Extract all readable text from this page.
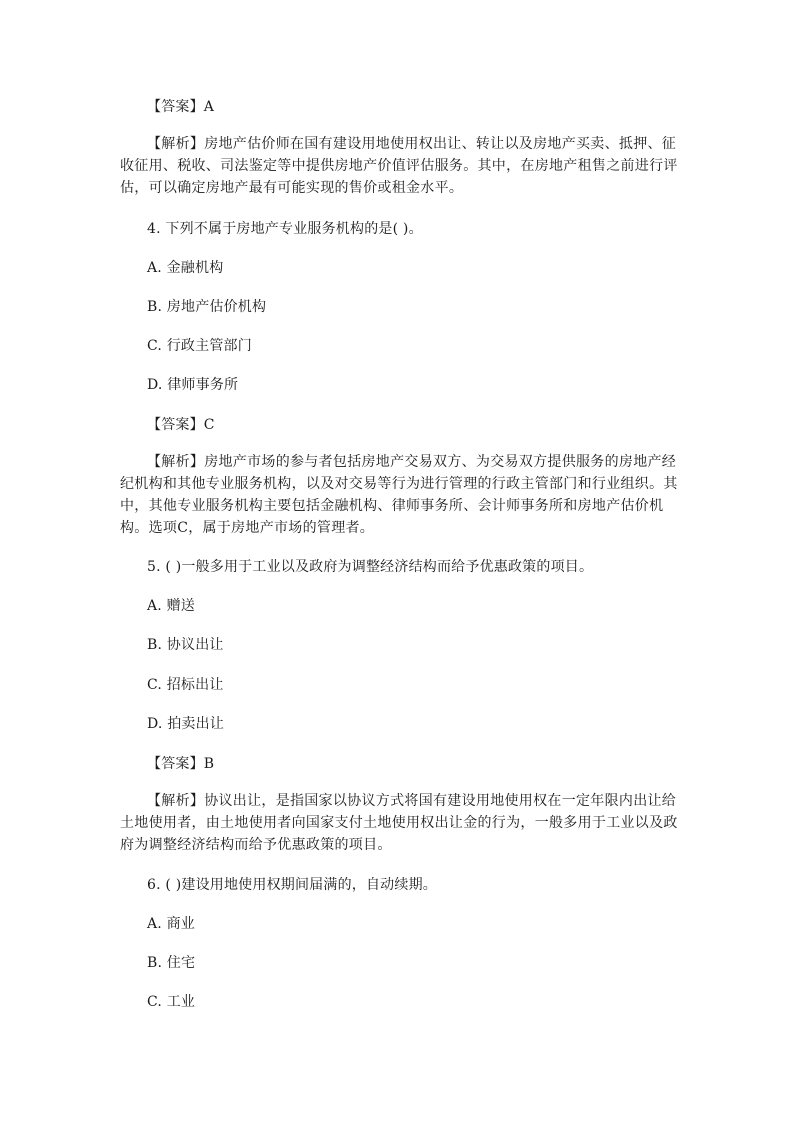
【答案】A
【解析】房地产估价师在国有建设用地使用权出让、转让以及房地产买卖、抵押、征收征用、税收、司法鉴定等中提供房地产价值评估服务。其中，在房地产租售之前进行评估，可以确定房地产最有可能实现的售价或租金水平。
4. 下列不属于房地产专业服务机构的是( )。
A. 金融机构
B. 房地产估价机构
C. 行政主管部门
D. 律师事务所
【答案】C
【解析】房地产市场的参与者包括房地产交易双方、为交易双方提供服务的房地产经纪机构和其他专业服务机构，以及对交易等行为进行管理的行政主管部门和行业组织。其中，其他专业服务机构主要包括金融机构、律师事务所、会计师事务所和房地产估价机构。选项C，属于房地产市场的管理者。
5. ( )一般多用于工业以及政府为调整经济结构而给予优惠政策的项目。
A. 赠送
B. 协议出让
C. 招标出让
D. 拍卖出让
【答案】B
【解析】协议出让，是指国家以协议方式将国有建设用地使用权在一定年限内出让给土地使用者，由土地使用者向国家支付土地使用权出让金的行为，一般多用于工业以及政府为调整经济结构而给予优惠政策的项目。
6. ( )建设用地使用权期间届满的，自动续期。
A. 商业
B. 住宅
C. 工业
